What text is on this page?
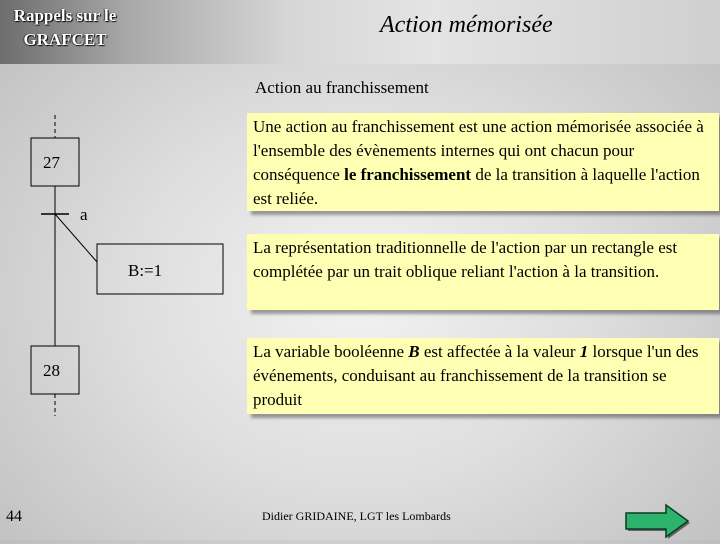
Rappels sur le
GRAFCET
Action mémorisée
Action au franchissement
27
a
B:=1
28
Une action au franchissement est une action mémorisée associée à l'ensemble des évènements internes qui ont chacun pour conséquence le franchissement de la transition à laquelle l'action est reliée.
La représentation traditionnelle de l'action par un rectangle est complétée par un trait oblique reliant l'action à la transition.
La variable booléenne B est affectée à la valeur 1 lorsque l'un des événements, conduisant au franchissement de la transition se produit
44	Didier GRIDAINE, LGT les Lombards
